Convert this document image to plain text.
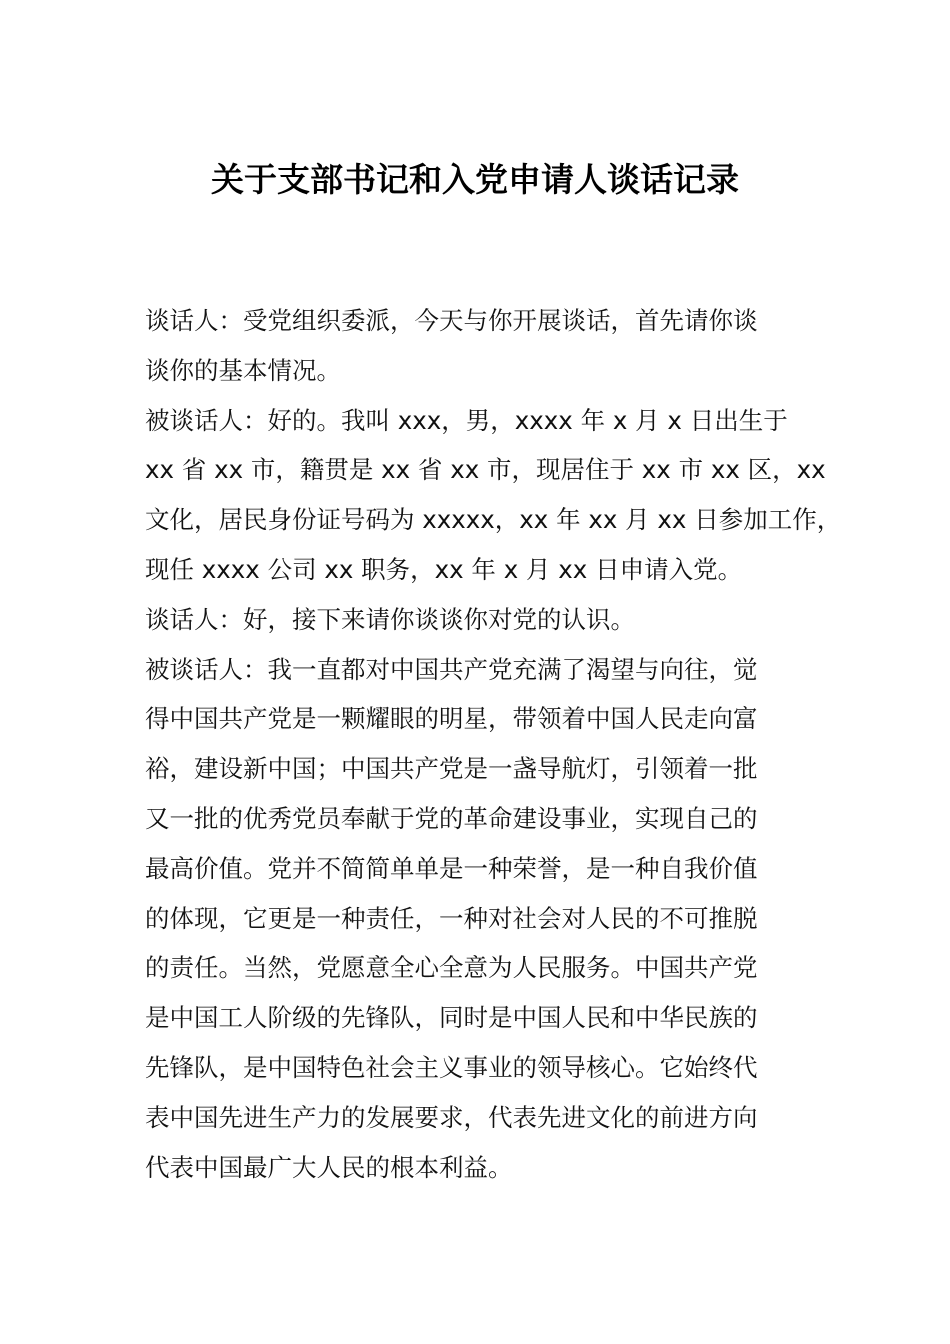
关于支部书记和入党申请人谈话记录
谈话人：受党组织委派，今天与你开展谈话，首先请你谈
谈你的基本情况。
被谈话人：好的。我叫 xxx，男，xxxx 年 x 月 x 日出生于
xx 省 xx 市，籍贯是 xx 省 xx 市，现居住于 xx 市 xx 区，xx
文化，居民身份证号码为 xxxxx，xx 年 xx 月 xx 日参加工作，
现任 xxxx 公司 xx 职务，xx 年 x 月 xx 日申请入党。
谈话人：好，接下来请你谈谈你对党的认识。
被谈话人：我一直都对中国共产党充满了渴望与向往，觉
得中国共产党是一颗耀眼的明星，带领着中国人民走向富
裕，建设新中国；中国共产党是一盏导航灯，引领着一批
又一批的优秀党员奉献于党的革命建设事业，实现自己的
最高价值。党并不简简单单是一种荣誉，是一种自我价值
的体现，它更是一种责任，一种对社会对人民的不可推脱
的责任。当然，党愿意全心全意为人民服务。中国共产党
是中国工人阶级的先锋队，同时是中国人民和中华民族的
先锋队，是中国特色社会主义事业的领导核心。它始终代
表中国先进生产力的发展要求，代表先进文化的前进方向
代表中国最广大人民的根本利益。
